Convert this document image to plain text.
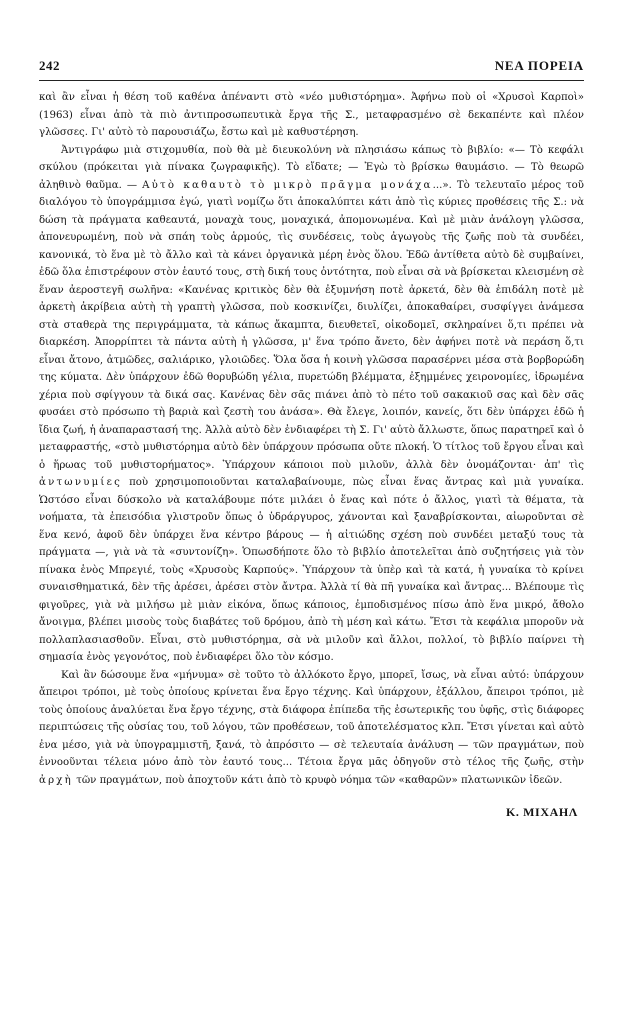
242	ΝΕΑ ΠΟΡΕΙΑ

καὶ ἂν εἶναι ἡ θέση τοῦ καθένα ἀπέναντι στὸ «νέο μυθιστόρημα». Ἀφήνω ποὺ οἱ «Χρυσοὶ Καρποὶ» (1963) εἶναι ἀπὸ τὰ πιὸ ἀντιπροσωπευτικὰ ἔργα τῆς Σ., μεταφρασμένο σὲ δεκαπέντε καὶ πλέον γλῶσσες. Γι' αὐτὸ τὸ παρουσιάζω, ἔστω καὶ μὲ καθυστέρηση.

Ἀντιγράφω μιὰ στιχομυθία, ποὺ θὰ μὲ διευκολύνη νὰ πλησιάσω κάπως τὸ βιβλίο: «— Τὸ κεφάλι σκύλου (πρόκειται γιὰ πίνακα ζωγραφικῆς). Τὸ εἴδατε; — Ἐγὼ τὸ βρίσκω θαυμάσιο. — Τὸ θεωρῶ ἀληθινὸ θαῦμα. — Αὐτὸ καθαυτὸ τὸ μικρὸ πρᾶγμα μονάχα...». Τὸ τελευταῖο μέρος τοῦ διαλόγου τὸ ὑπογράμμισα ἐγώ, γιατὶ νομίζω ὅτι ἀποκαλύπτει κάτι ἀπὸ τὶς κύριες προθέσεις τῆς Σ.: νὰ δώση τὰ πράγματα καθεαυτά, μοναχὰ τους, μοναχικά, ἀπομονωμένα. Καὶ μὲ μιὰν ἀνάλογη γλῶσσα, ἀπονευρωμένη, ποὺ νὰ σπάη τοὺς ἁρμούς, τὶς συνδέσεις, τοὺς ἀγωγοὺς τῆς ζωῆς ποὺ τὰ συνδέει, κανονικά, τὸ ἕνα μὲ τὸ ἄλλο καὶ τὰ κάνει ὀργανικὰ μέρη ἑνὸς ὅλου. Ἐδῶ ἀντίθετα αὐτὸ δὲ συμβαίνει, ἐδῶ ὅλα ἐπιστρέφουν στὸν ἑαυτό τους, στὴ δική τους ὀντότητα, ποὺ εἶναι σὰ νὰ βρίσκεται κλεισμένη σὲ ἕναν ἀεροστεγῆ σωλῆνα: «Κανένας κριτικὸς δὲν θὰ ἐξυμνήση ποτὲ ἀρκετά, δὲν θὰ ἐπιδάλη ποτὲ μὲ ἀρκετὴ ἀκρίβεια αὐτὴ τὴ γραπτὴ γλῶσσα, ποὺ κοσκινίζει, διυλίζει, ἀποκαθαίρει, συσφίγγει ἀνάμεσα στὰ σταθερὰ της περιγράμματα, τὰ κάπως ἄκαμπτα, διευθετεῖ, οἰκοδομεῖ, σκληραίνει ὅ,τι πρέπει νὰ διαρκέση. Ἀπορρίπτει τὰ πάντα αὐτὴ ἡ γλῶσσα, μ' ἕνα τρόπο ἄνετο, δὲν ἀφήνει ποτὲ νὰ περάση ὅ,τι εἶναι ἄτονο, ἀτμῶδες, σαλιάρικο, γλοιῶδες. Ὅλα ὅσα ἡ κοινὴ γλῶσσα παρασέρνει μέσα στὰ βορβορώδη της κύματα. Δὲν ὑπάρχουν ἐδῶ θορυβώδη γέλια, πυρετώδη βλέμματα, ἐξημμένες χειρονομίες, ἱδρωμένα χέρια ποὺ σφίγγουν τὰ δικά σας. Κανένας δὲν σᾶς πιάνει ἀπὸ τὸ πέτο τοῦ σακακιοῦ σας καὶ δὲν σᾶς φυσάει στὸ πρόσωπο τὴ βαριὰ καὶ ζεστὴ του ἀνάσα». Θὰ ἔλεγε, λοιπόν, κανείς, ὅτι δὲν ὑπάρχει ἐδῶ ἡ ἴδια ζωή, ἡ ἀναπαραστασή της. Ἀλλὰ αὐτὸ δὲν ἐνδιαφέρει τὴ Σ. Γι' αὐτὸ ἄλλωστε, ὅπως παρατηρεῖ καὶ ὁ μεταφραστής, «στὸ μυθιστόρημα αὐτὸ δὲν ὑπάρχουν πρόσωπα οὔτε πλοκή. Ὁ τίτλος τοῦ ἔργου εἶναι καὶ ὁ ἥρωας τοῦ μυθιστορήματος». Ὑπάρχουν κάποιοι ποὺ μιλοῦν, ἀλλὰ δὲν ὀνομάζονται· ἀπ' τὶς ἀντωνυμίες ποὺ χρησιμοποιοῦνται καταλαβαίνουμε, πὼς εἶναι ἕνας ἄντρας καὶ μιὰ γυναίκα. Ὡστόσο εἶναι δύσκολο νὰ καταλάβουμε πότε μιλάει ὁ ἕνας καὶ πότε ὁ ἄλλος, γιατὶ τὰ θέματα, τὰ νοήματα, τὰ ἐπεισόδια γλιστροῦν ὅπως ὁ ὑδράργυρος, χάνονται καὶ ξαναβρίσκονται, αἰωροῦνται σὲ ἕνα κενό, ἀφοῦ δὲν ὑπάρχει ἕνα κέντρο βάρους — ἡ αἰτιώδης σχέση ποὺ συνδέει μεταξύ τους τὰ πράγματα —, γιὰ νὰ τὰ «συντονίζη». Ὁπωσδήποτε ὅλο τὸ βιβλίο ἀποτελεῖται ἀπὸ συζητήσεις γιὰ τὸν πίνακα ἑνὸς Μπρεγιέ, τοὺς «Χρυσοὺς Καρπούς». Ὑπάρχουν τὰ ὑπὲρ καὶ τὰ κατά, ἡ γυναίκα τὸ κρίνει συναισθηματικά, δὲν τῆς ἀρέσει, ἀρέσει στὸν ἄντρα. Ἀλλὰ τί θὰ πῆ γυναίκα καὶ ἄντρας... Βλέπουμε τὶς φιγοῦρες, γιὰ νὰ μιλήσω μὲ μιὰν εἰκόνα, ὅπως κάποιος, ἐμποδισμένος πίσω ἀπὸ ἕνα μικρό, ἄθολο ἄνοιγμα, βλέπει μισοὺς τοὺς διαβάτες τοῦ δρόμου, ἀπὸ τὴ μέση καὶ κάτω. Ἔτσι τὰ κεφάλια μποροῦν νὰ πολλαπλασιασθοῦν. Εἶναι, στὸ μυθιστόρημα, σὰ νὰ μιλοῦν καὶ ἄλλοι, πολλοί, τὸ βιβλίο παίρνει τὴ σημασία ἑνὸς γεγονότος, ποὺ ἐνδιαφέρει ὅλο τὸν κόσμο.

Καὶ ἂν δώσουμε ἕνα «μήνυμα» σὲ τοῦτο τὸ ἀλλόκοτο ἔργο, μπορεῖ, ἴσως, νὰ εἶναι αὐτό: ὑπάρχουν ἄπειροι τρόποι, μὲ τοὺς ὁποίους κρίνεται ἕνα ἔργο τέχνης. Καὶ ὑπάρχουν, ἐξάλλου, ἄπειροι τρόποι, μὲ τοὺς ὁποίους ἀναλύεται ἕνα ἔργο τέχνης, στὰ διάφορα ἐπίπεδα τῆς ἐσωτερικῆς του ὑφῆς, στὶς διάφορες περιπτώσεις τῆς οὐσίας του, τοῦ λόγου, τῶν προθέσεων, τοῦ ἀποτελέσματος κλπ. Ἔτσι γίνεται καὶ αὐτὸ ἐνα μέσο, γιὰ νὰ ὑπογραμμιστῆ, ξανά, τὸ ἀπρόσιτο — σὲ τελευταία ἀνάλυση — τῶν πραγμάτων, ποὺ ἐννοοῦνται τέλεια μόνο ἀπὸ τὸν ἑαυτό τους... Τέτοια ἔργα μᾶς ὁδηγοῦν στὸ τέλος τῆς ζωῆς, στὴν ἀρχὴ τῶν πραγμάτων, ποὺ ἀποχτοῦν κάτι ἀπὸ τὸ κρυφὸ νόημα τῶν «καθαρῶν» πλατωνικῶν ἰδεῶν.

Κ. ΜΙΧΑΗΛ
